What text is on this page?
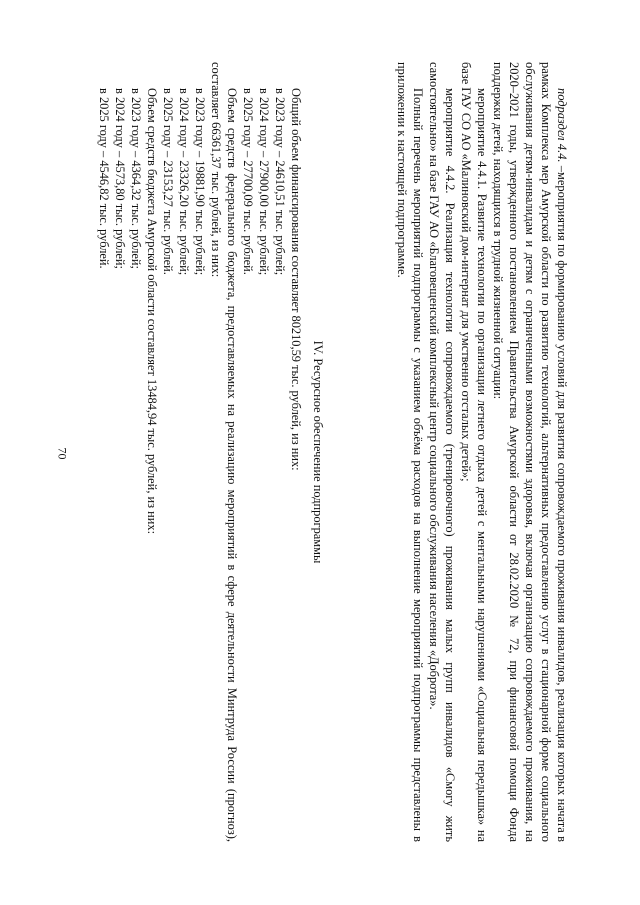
70

подраздел 4.4. –мероприятия по формированию условий для развития сопровождаемого проживания инвалидов, реализация которых начата в рамках Комплекса мер Амурской области по развитию технологий, альтернативных предоставлению услуг в стационарной форме социального обслуживания детям-инвалидам и детям с ограниченными возможностями здоровья, включая организацию сопровождаемого проживания, на 2020–2021 годы, утвержденного постановлением Правительства Амурской области от 28.02.2020 № 72, при финансовой помощи Фонда поддержки детей, находящихся в трудной жизненной ситуации:

мероприятие 4.4.1. Развитие технологии по организации летнего отдыха детей с ментальными нарушениями «Социальная передышка» на базе ГАУ СО АО «Малиновский дом-интернат для умственно отсталых детей»;

мероприятие 4.4.2. Реализация технологии сопровождаемого (тренировочного) проживания малых групп инвалидов «Смогу жить самостоятельно» на базе ГАУ АО «Благовещенский комплексный центр социального обслуживания населения «Доброта».

Полный перечень мероприятий подпрограммы с указанием объёма расходов на выполнение мероприятий подпрограммы представлены в приложении к настоящей подпрограмме.

IV. Ресурсное обеспечение подпрограммы

Общий объем финансирования составляет 80210,59 тыс. рублей, из них:

в 2023 году – 24610,51 тыс. рублей;

в 2024 году – 27900,00 тыс. рублей;

в 2025 году – 27700,09 тыс. рублей.

Объем средств федерального бюджета, предоставляемых на реализацию мероприятий в сфере деятельности Минтруда России (прогноз), составляет 66361,37 тыс. рублей, из них:

в 2023 году – 19881,90 тыс. рублей;

в 2024 году – 23326,20 тыс. рублей;

в 2025 году – 23153,27 тыс. рублей.

Объем средств бюджета Амурской области составляет 13484,94 тыс. рублей, из них:

в 2023 году – 4364,32 тыс. рублей;

в 2024 году – 4573,80 тыс. рублей;

в 2025 году – 4546,82 тыс. рублей.
